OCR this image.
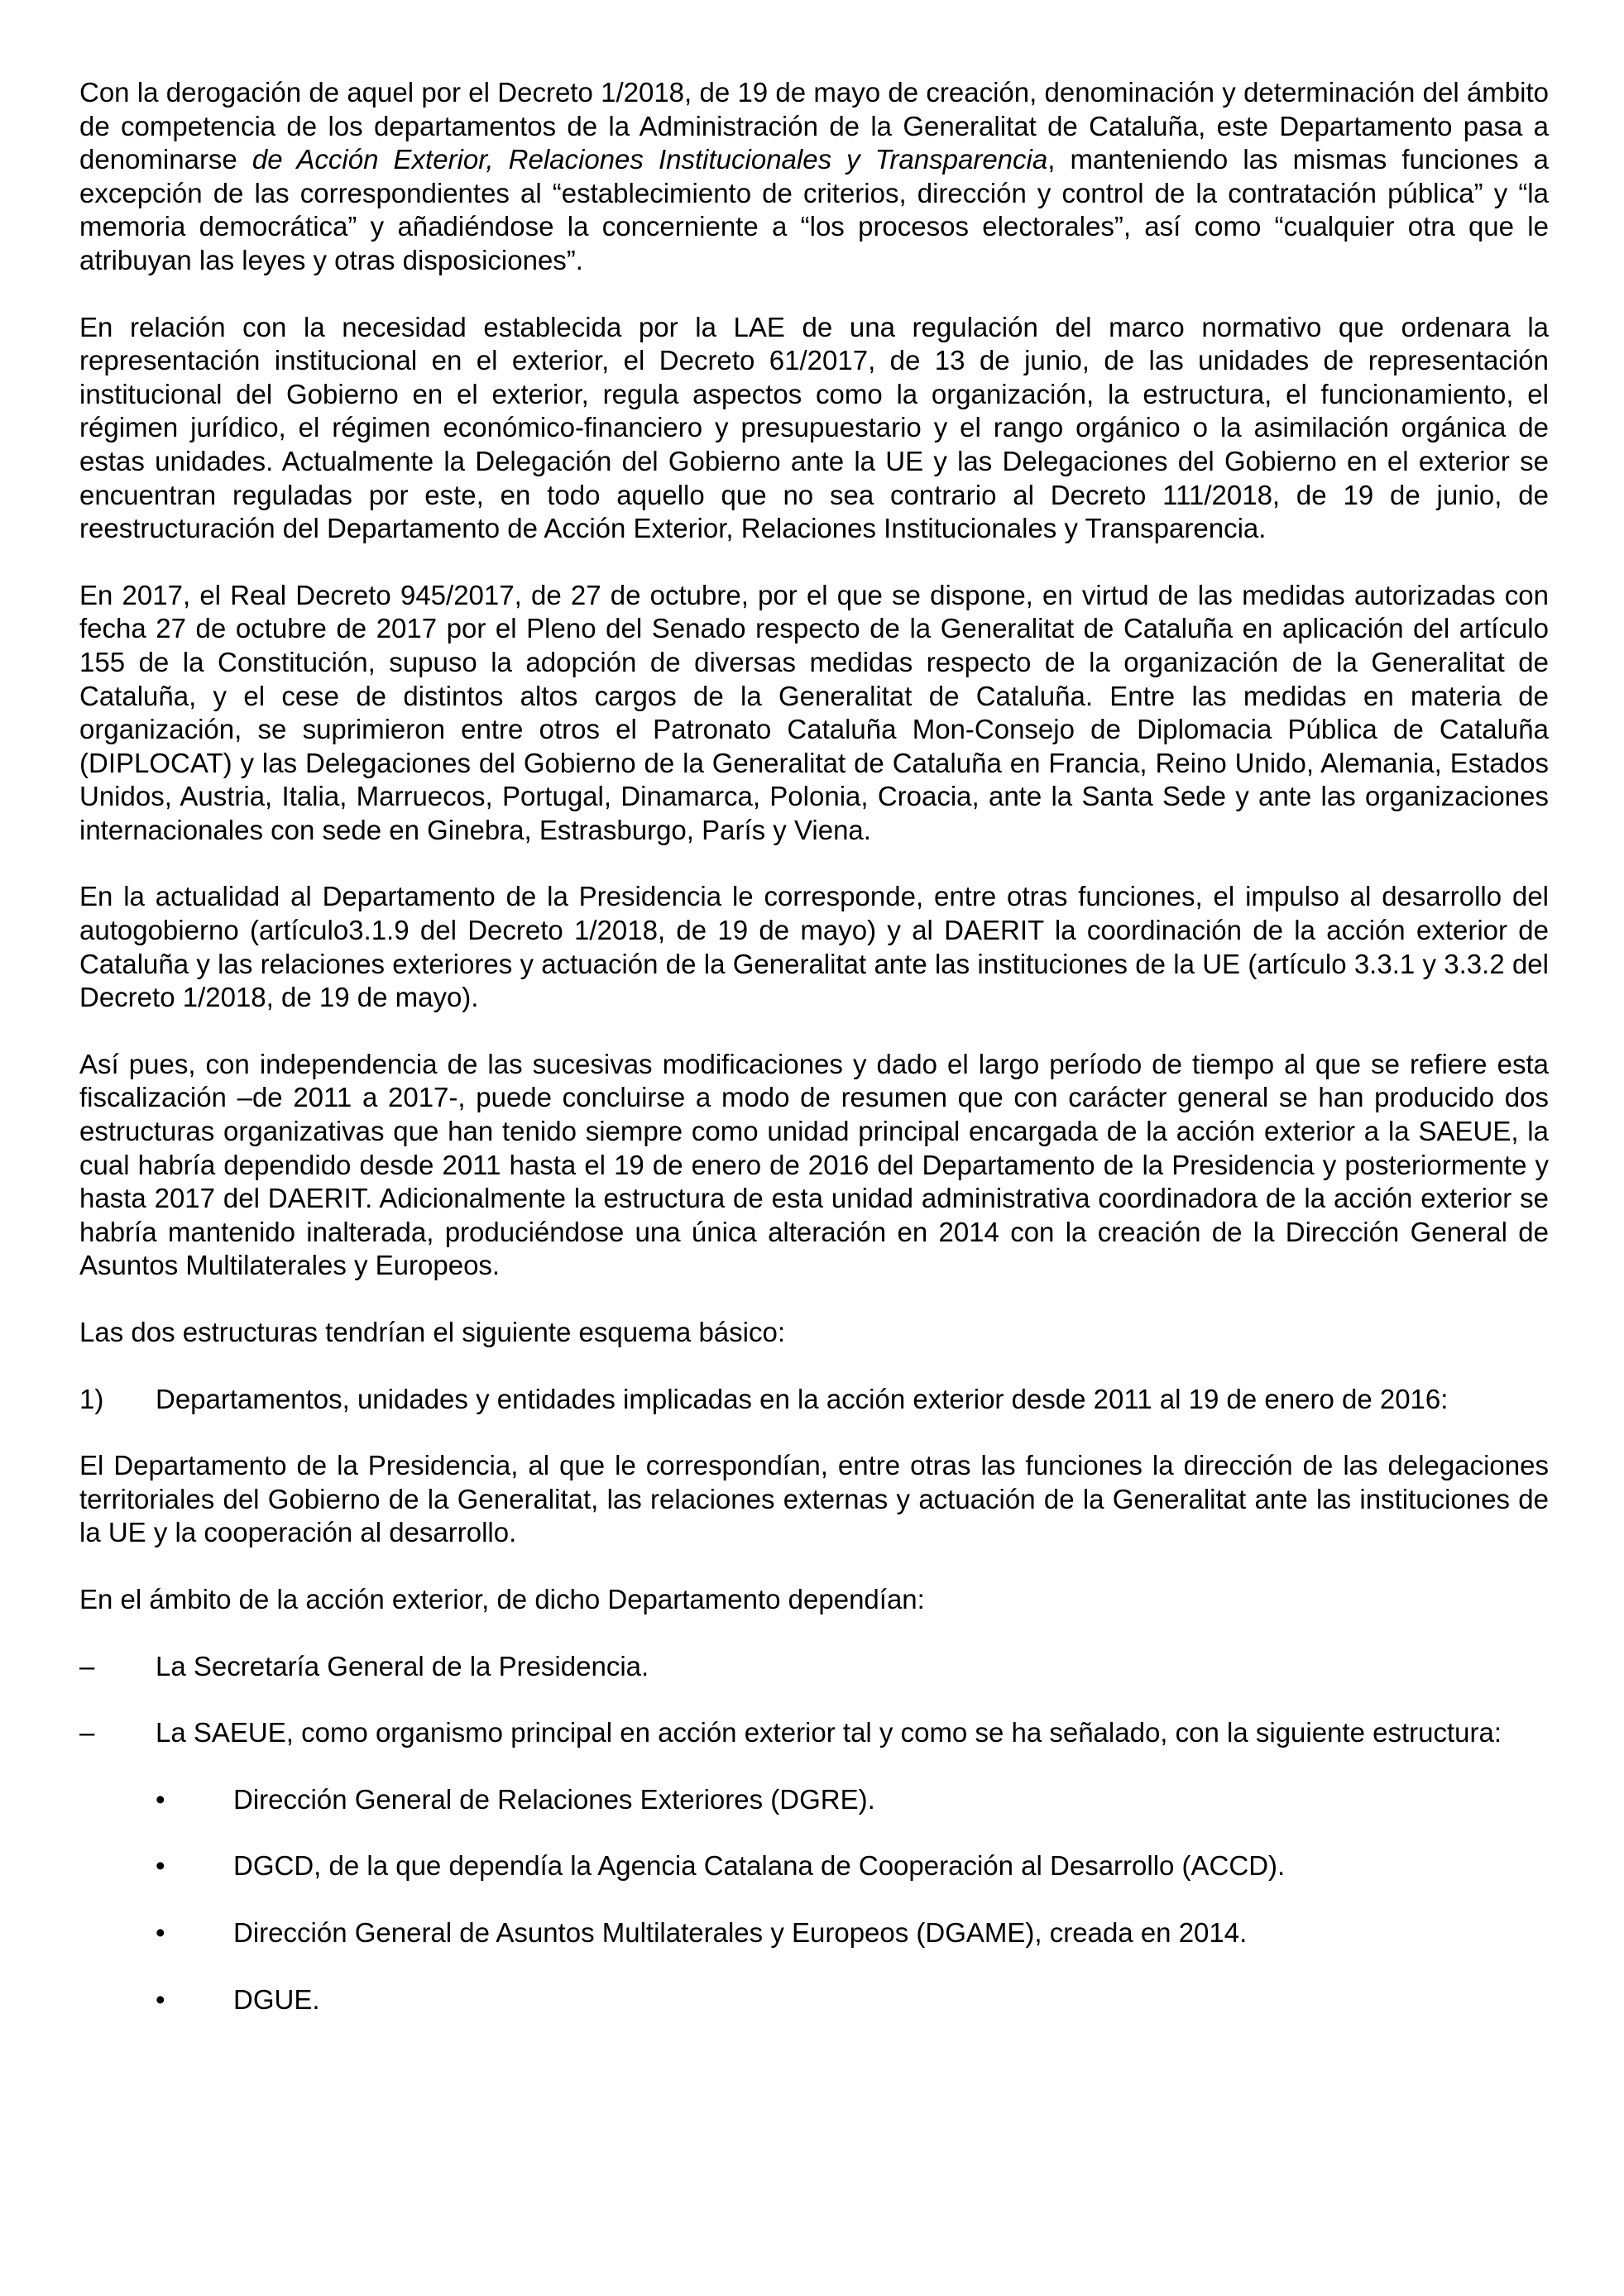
Con la derogación de aquel por el Decreto 1/2018, de 19 de mayo de creación, denominación y determinación del ámbito de competencia de los departamentos de la Administración de la Generalitat de Cataluña, este Departamento pasa a denominarse de Acción Exterior, Relaciones Institucionales y Transparencia, manteniendo las mismas funciones a excepción de las correspondientes al “establecimiento de criterios, dirección y control de la contratación pública” y “la memoria democrática” y añadiéndose la concerniente a “los procesos electorales”, así como “cualquier otra que le atribuyan las leyes y otras disposiciones”.

En relación con la necesidad establecida por la LAE de una regulación del marco normativo que ordenara la representación institucional en el exterior, el Decreto 61/2017, de 13 de junio, de las unidades de representación institucional del Gobierno en el exterior, regula aspectos como la organización, la estructura, el funcionamiento, el régimen jurídico, el régimen económico-financiero y presupuestario y el rango orgánico o la asimilación orgánica de estas unidades. Actualmente la Delegación del Gobierno ante la UE y las Delegaciones del Gobierno en el exterior se encuentran reguladas por este, en todo aquello que no sea contrario al Decreto 111/2018, de 19 de junio, de reestructuración del Departamento de Acción Exterior, Relaciones Institucionales y Transparencia.

En 2017, el Real Decreto 945/2017, de 27 de octubre, por el que se dispone, en virtud de las medidas autorizadas con fecha 27 de octubre de 2017 por el Pleno del Senado respecto de la Generalitat de Cataluña en aplicación del artículo 155 de la Constitución, supuso la adopción de diversas medidas respecto de la organización de la Generalitat de Cataluña, y el cese de distintos altos cargos de la Generalitat de Cataluña. Entre las medidas en materia de organización, se suprimieron entre otros el Patronato Cataluña Mon-Consejo de Diplomacia Pública de Cataluña (DIPLOCAT) y las Delegaciones del Gobierno de la Generalitat de Cataluña en Francia, Reino Unido, Alemania, Estados Unidos, Austria, Italia, Marruecos, Portugal, Dinamarca, Polonia, Croacia, ante la Santa Sede y ante las organizaciones internacionales con sede en Ginebra, Estrasburgo, París y Viena.

En la actualidad al Departamento de la Presidencia le corresponde, entre otras funciones, el impulso al desarrollo del autogobierno (artículo3.1.9 del Decreto 1/2018, de 19 de mayo) y al DAERIT la coordinación de la acción exterior de Cataluña y las relaciones exteriores y actuación de la Generalitat ante las instituciones de la UE (artículo 3.3.1 y 3.3.2 del Decreto 1/2018, de 19 de mayo).

Así pues, con independencia de las sucesivas modificaciones y dado el largo período de tiempo al que se refiere esta fiscalización –de 2011 a 2017-, puede concluirse a modo de resumen que con carácter general se han producido dos estructuras organizativas que han tenido siempre como unidad principal encargada de la acción exterior a la SAEUE, la cual habría dependido desde 2011 hasta el 19 de enero de 2016 del Departamento de la Presidencia y posteriormente y hasta 2017 del DAERIT. Adicionalmente la estructura de esta unidad administrativa coordinadora de la acción exterior se habría mantenido inalterada, produciéndose una única alteración en 2014 con la creación de la Dirección General de Asuntos Multilaterales y Europeos.

Las dos estructuras tendrían el siguiente esquema básico:

1) Departamentos, unidades y entidades implicadas en la acción exterior desde 2011 al 19 de enero de 2016:

El Departamento de la Presidencia, al que le correspondían, entre otras las funciones la dirección de las delegaciones territoriales del Gobierno de la Generalitat, las relaciones externas y actuación de la Generalitat ante las instituciones de la UE y la cooperación al desarrollo.

En el ámbito de la acción exterior, de dicho Departamento dependían:

– La Secretaría General de la Presidencia.

– La SAEUE, como organismo principal en acción exterior tal y como se ha señalado, con la siguiente estructura:

• Dirección General de Relaciones Exteriores (DGRE).
• DGCD, de la que dependía la Agencia Catalana de Cooperación al Desarrollo (ACCD).
• Dirección General de Asuntos Multilaterales y Europeos (DGAME), creada en 2014.
• DGUE.
